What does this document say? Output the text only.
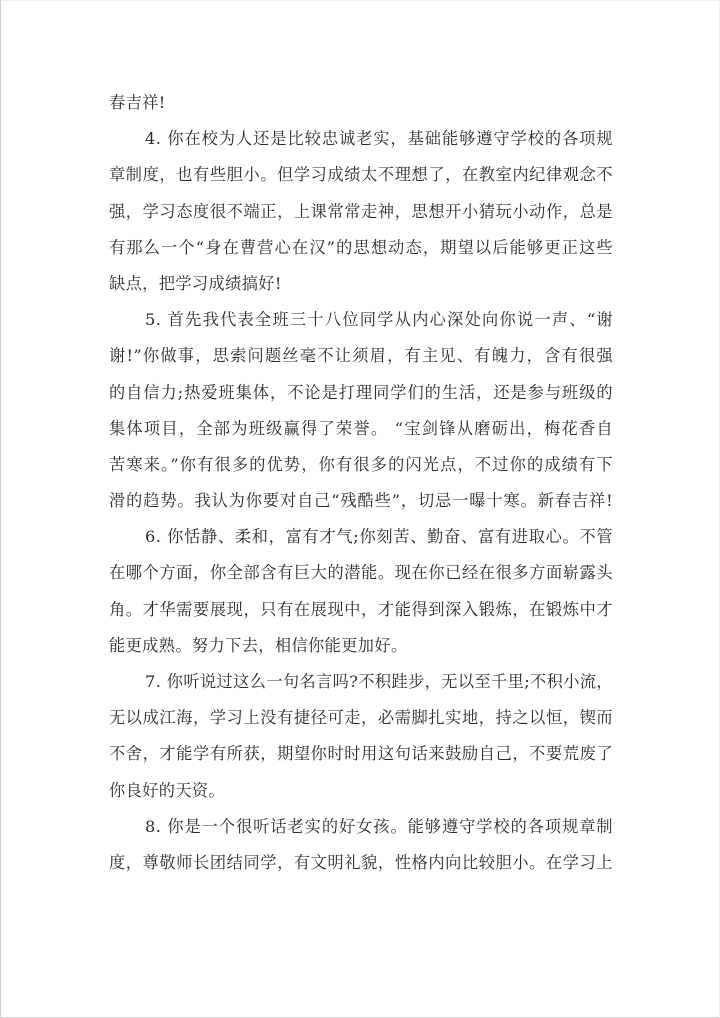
春吉祥!
4. 你在校为人还是比较忠诚老实，基础能够遵守学校的各项规
章制度，也有些胆小。但学习成绩太不理想了，在教室内纪律观念不
强，学习态度很不端正，上课常常走神，思想开小猜玩小动作，总是
有那么一个“身在曹营心在汉”的思想动态，期望以后能够更正这些
缺点，把学习成绩搞好!
5. 首先我代表全班三十八位同学从内心深处向你说一声、“谢
谢!”你做事，思索问题丝毫不让须眉，有主见、有魄力，含有很强
的自信力;热爱班集体，不论是打理同学们的生活，还是参与班级的
集体项目，全部为班级赢得了荣誉。 “宝剑锋从磨砺出，梅花香自
苦寒来。”你有很多的优势，你有很多的闪光点，不过你的成绩有下
滑的趋势。我认为你要对自己“残酷些”，切忌一曝十寒。新春吉祥!
6. 你恬静、柔和，富有才气;你刻苦、勤奋、富有进取心。不管
在哪个方面，你全部含有巨大的潜能。现在你已经在很多方面崭露头
角。才华需要展现，只有在展现中，才能得到深入锻炼，在锻炼中才
能更成熟。努力下去，相信你能更加好。
7. 你听说过这么一句名言吗?不积跬步，无以至千里;不积小流，
无以成江海，学习上没有捷径可走，必需脚扎实地，持之以恒，锲而
不舍，才能学有所获，期望你时时用这句话来鼓励自己，不要荒废了
你良好的天资。
8. 你是一个很听话老实的好女孩。能够遵守学校的各项规章制
度，尊敬师长团结同学，有文明礼貌，性格内向比较胆小。在学习上
